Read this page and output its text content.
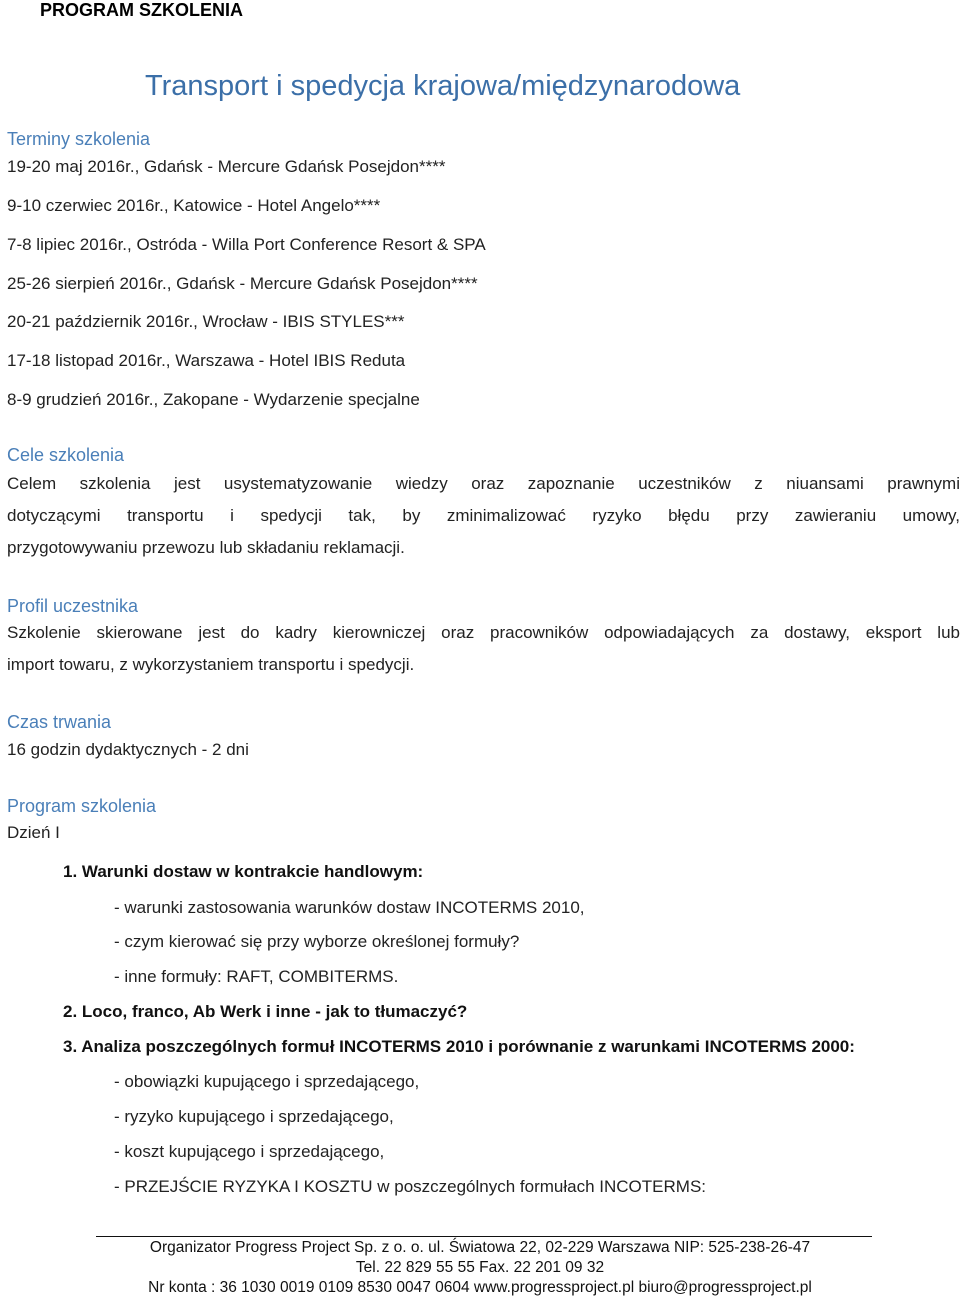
PROGRAM SZKOLENIA
Transport i spedycja krajowa/międzynarodowa
Terminy szkolenia
19-20 maj 2016r., Gdańsk - Mercure Gdańsk Posejdon****
9-10 czerwiec 2016r., Katowice - Hotel Angelo****
7-8 lipiec 2016r., Ostróda - Willa Port Conference Resort & SPA
25-26 sierpień 2016r., Gdańsk - Mercure Gdańsk Posejdon****
20-21 październik 2016r., Wrocław - IBIS STYLES***
17-18 listopad 2016r., Warszawa - Hotel IBIS Reduta
8-9 grudzień 2016r., Zakopane - Wydarzenie specjalne
Cele szkolenia
Celem szkolenia jest usystematyzowanie wiedzy oraz zapoznanie uczestników z niuansami prawnymi
dotyczącymi transportu i spedycji tak, by zminimalizować ryzyko błędu przy zawieraniu umowy,
przygotowywaniu przewozu lub składaniu reklamacji.
Profil uczestnika
Szkolenie skierowane jest do kadry kierowniczej oraz pracowników odpowiadających za dostawy, eksport lub
import towaru, z wykorzystaniem transportu i spedycji.
Czas trwania
16 godzin dydaktycznych - 2 dni
Program szkolenia
Dzień I
1. Warunki dostaw w kontrakcie handlowym:
- warunki zastosowania warunków dostaw INCOTERMS 2010,
- czym kierować się przy wyborze określonej formuły?
- inne formuły: RAFT, COMBITERMS.
2. Loco, franco, Ab Werk i inne - jak to tłumaczyć?
3. Analiza poszczególnych formuł INCOTERMS 2010 i porównanie z warunkami INCOTERMS 2000:
- obowiązki kupującego i sprzedającego,
- ryzyko kupującego i sprzedającego,
- koszt kupującego i sprzedającego,
- PRZEJŚCIE RYZYKA I KOSZTU w poszczególnych formułach INCOTERMS:
Organizator Progress Project Sp. z o. o. ul. Światowa 22, 02-229 Warszawa NIP: 525-238-26-47
Tel. 22 829 55 55 Fax. 22 201 09 32
Nr konta : 36 1030 0019 0109 8530 0047 0604 www.progressproject.pl biuro@progressproject.pl
